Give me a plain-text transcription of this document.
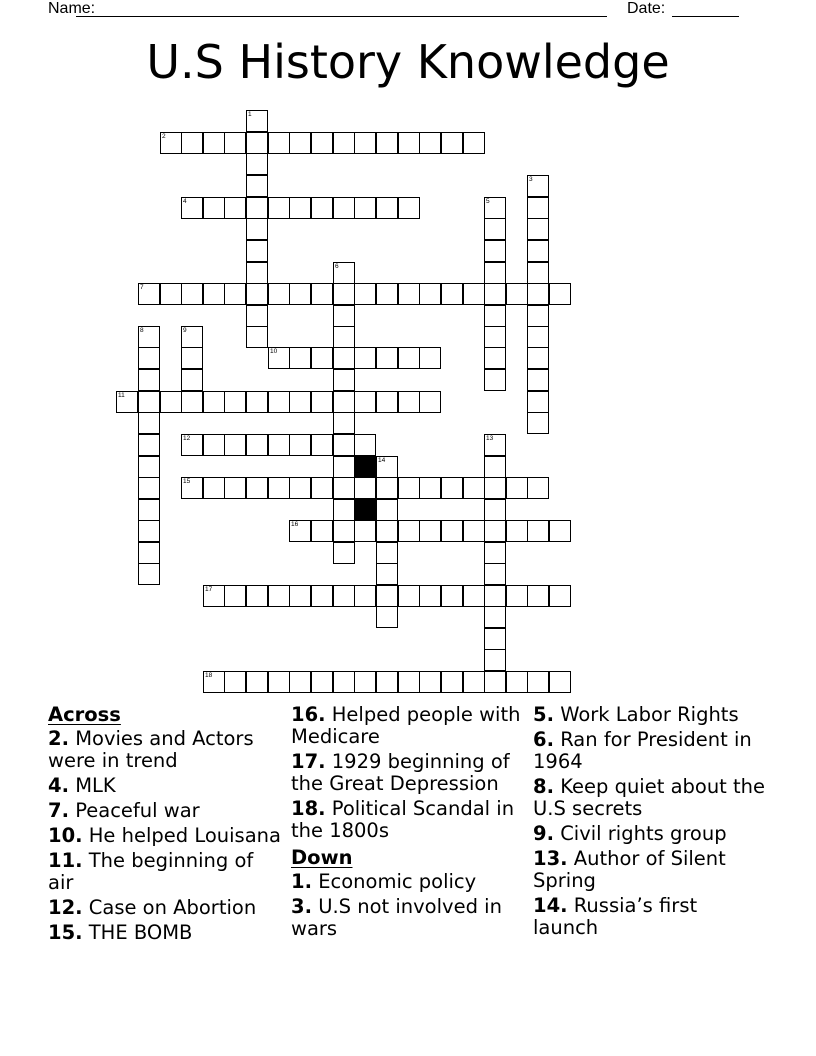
Name:	Date:
U.S History Knowledge
2
4
7
10
11
12
15
16
17
18
1
3
5
6
8	9
13
14
Across
2. Movies and Actors were in trend
4. MLK
7. Peaceful war
10. He helped Louisana
11. The beginning of air
12. Case on Abortion
15. THE BOMB
16. Helped people with Medicare
17. 1929 beginning of the Great Depression
18. Political Scandal in the 1800s
Down
1. Economic policy
3. U.S not involved in wars
5. Work Labor Rights
6. Ran for President in 1964
8. Keep quiet about the U.S secrets
9. Civil rights group
13. Author of Silent Spring
14. Russia’s first launch
